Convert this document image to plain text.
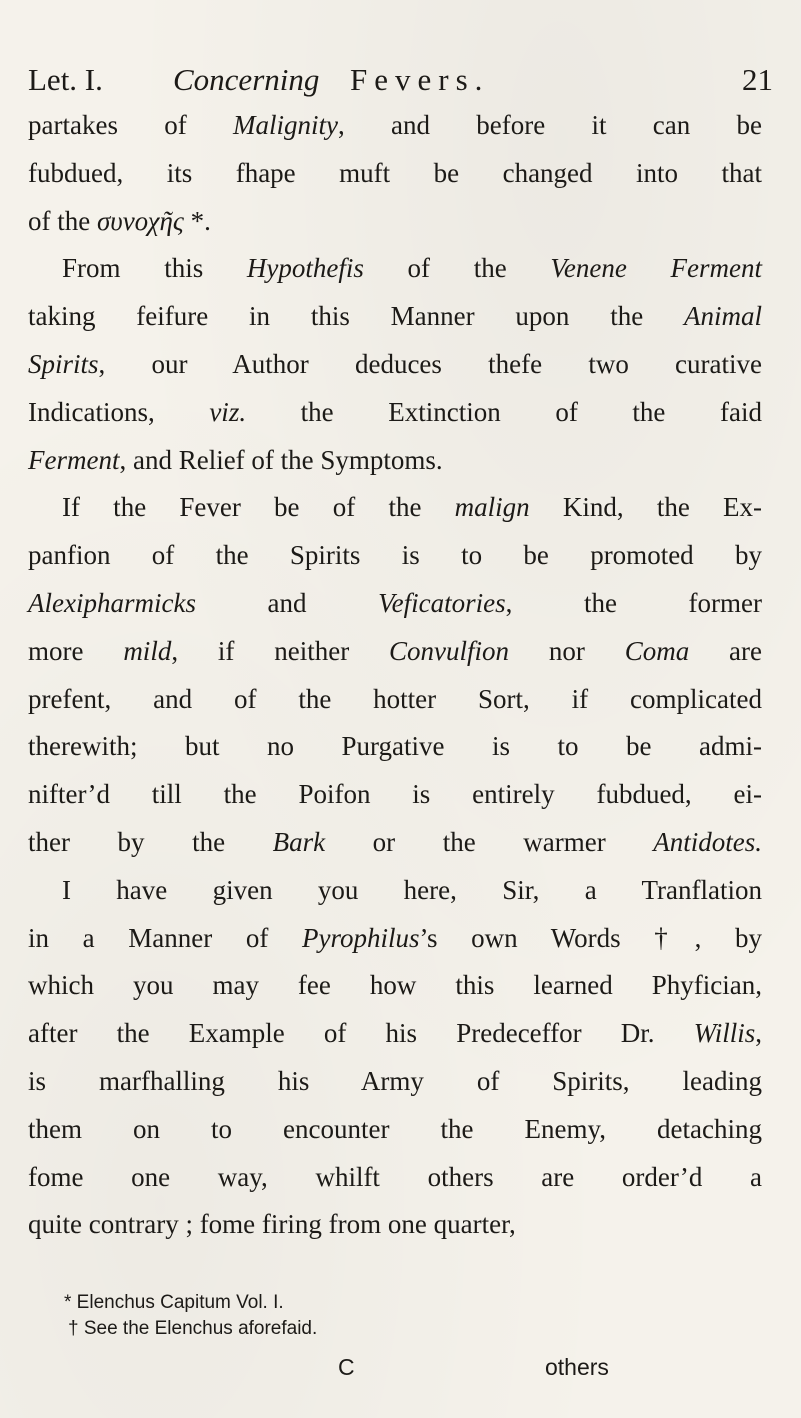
Let. I. Concerning Fevers.	21
partakes of Malignity, and before it can be
fubdued, its fhape muft be changed into that
of the συνοχῆς *.
From this Hypothefis of the Venene Ferment
taking feifure in this Manner upon the Animal
Spirits, our Author deduces thefe two curative
Indications, viz. the Extinction of the faid
Ferment, and Relief of the Symptoms.
If the Fever be of the malign Kind, the Ex-
panfion of the Spirits is to be promoted by
Alexipharmicks and Veficatories, the former
more mild, if neither Convulfion nor Coma are
prefent, and of the hotter Sort, if complicated
therewith; but no Purgative is to be admi-
nifter’d till the Poifon is entirely fubdued, ei-
ther by the Bark or the warmer Antidotes.
I have given you here, Sir, a Tranflation
in a Manner of Pyrophilus’s own Words †, by
which you may fee how this learned Phyfician,
after the Example of his Predeceffor Dr. Willis,
is marfhalling his Army of Spirits, leading
them on to encounter the Enemy, detaching
fome one way, whilft others are order’d a
quite contrary ; fome firing from one quarter,
* Elenchus Capitum Vol. I.
† See the Elenchus aforefaid.
C	others
